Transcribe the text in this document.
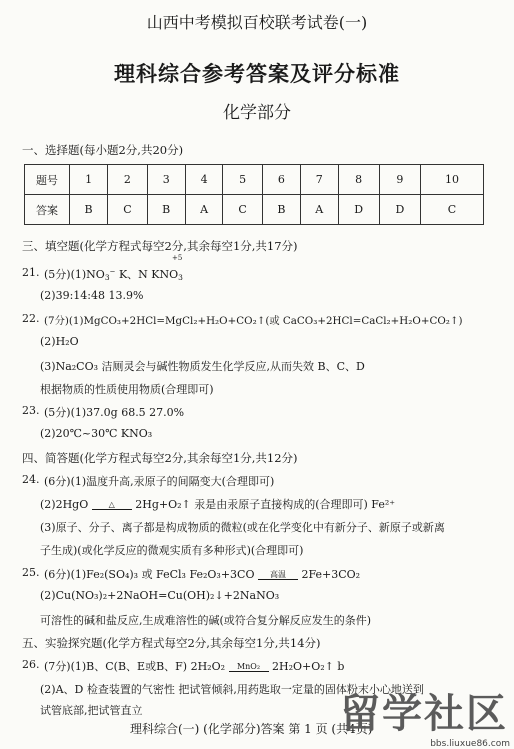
山西中考模拟百校联考试卷(一)
理科综合参考答案及评分标准
化学部分
一、选择题(每小题2分,共20分)
题号	1	2	3	4	5	6	7	8	9	10
答案	B	C	B	A	C	B	A	D	D	C
三、填空题(化学方程式每空2分,其余每空1分,共17分)
21. (5分)$(1)NO_3^-$ K、N $KNO_3$
+5
(2)39:14:48 13.9%
22. (7分)(1)MgCO₃+2HCl=MgCl₂+H₂O+CO₂↑(或 CaCO₃+2HCl=CaCl₂+H₂O+CO₂↑)
(2)H₂O
(3)Na₂CO₃ 洁厕灵会与碱性物质发生化学反应,从而失效 B、C、D
根据物质的性质使用物质(合理即可)
23. (5分)(1)37.0g 68.5 27.0%
(2)20℃~30℃ KNO₃
四、简答题(化学方程式每空2分,其余每空1分,共12分)
24. (6分)(1)温度升高,汞原子的间隔变大(合理即可)
(2)2HgO	△	2Hg+O₂↑ 汞是由汞原子直接构成的(合理即可) Fe²⁺
(3)原子、分子、离子都是构成物质的微粒(或在化学变化中有新分子、新原子或新离
子生成)(或化学反应的微观实质有多种形式)(合理即可)
25. (6分)(1)Fe₂(SO₄)₃ 或 FeCl₃ Fe₂O₃+3CO	高温	2Fe+3CO₂
(2)Cu(NO₃)₂+2NaOH=Cu(OH)₂↓+2NaNO₃
可溶性的碱和盐反应,生成难溶性的碱(或符合复分解反应发生的条件)
五、实验探究题(化学方程式每空2分,其余每空1分,共14分)
26. (7分)(1)B、C(B、E或B、F) 2H₂O₂	MnO₂	2H₂O+O₂↑ b
(2)A、D 检查装置的气密性 把试管倾斜,用药匙取一定量的固体粉末小心地送到
试管底部,把试管直立
理科综合(一) (化学部分)答案 第 1 页 (共4页)
留学社区
bbs.liuxue86.com
